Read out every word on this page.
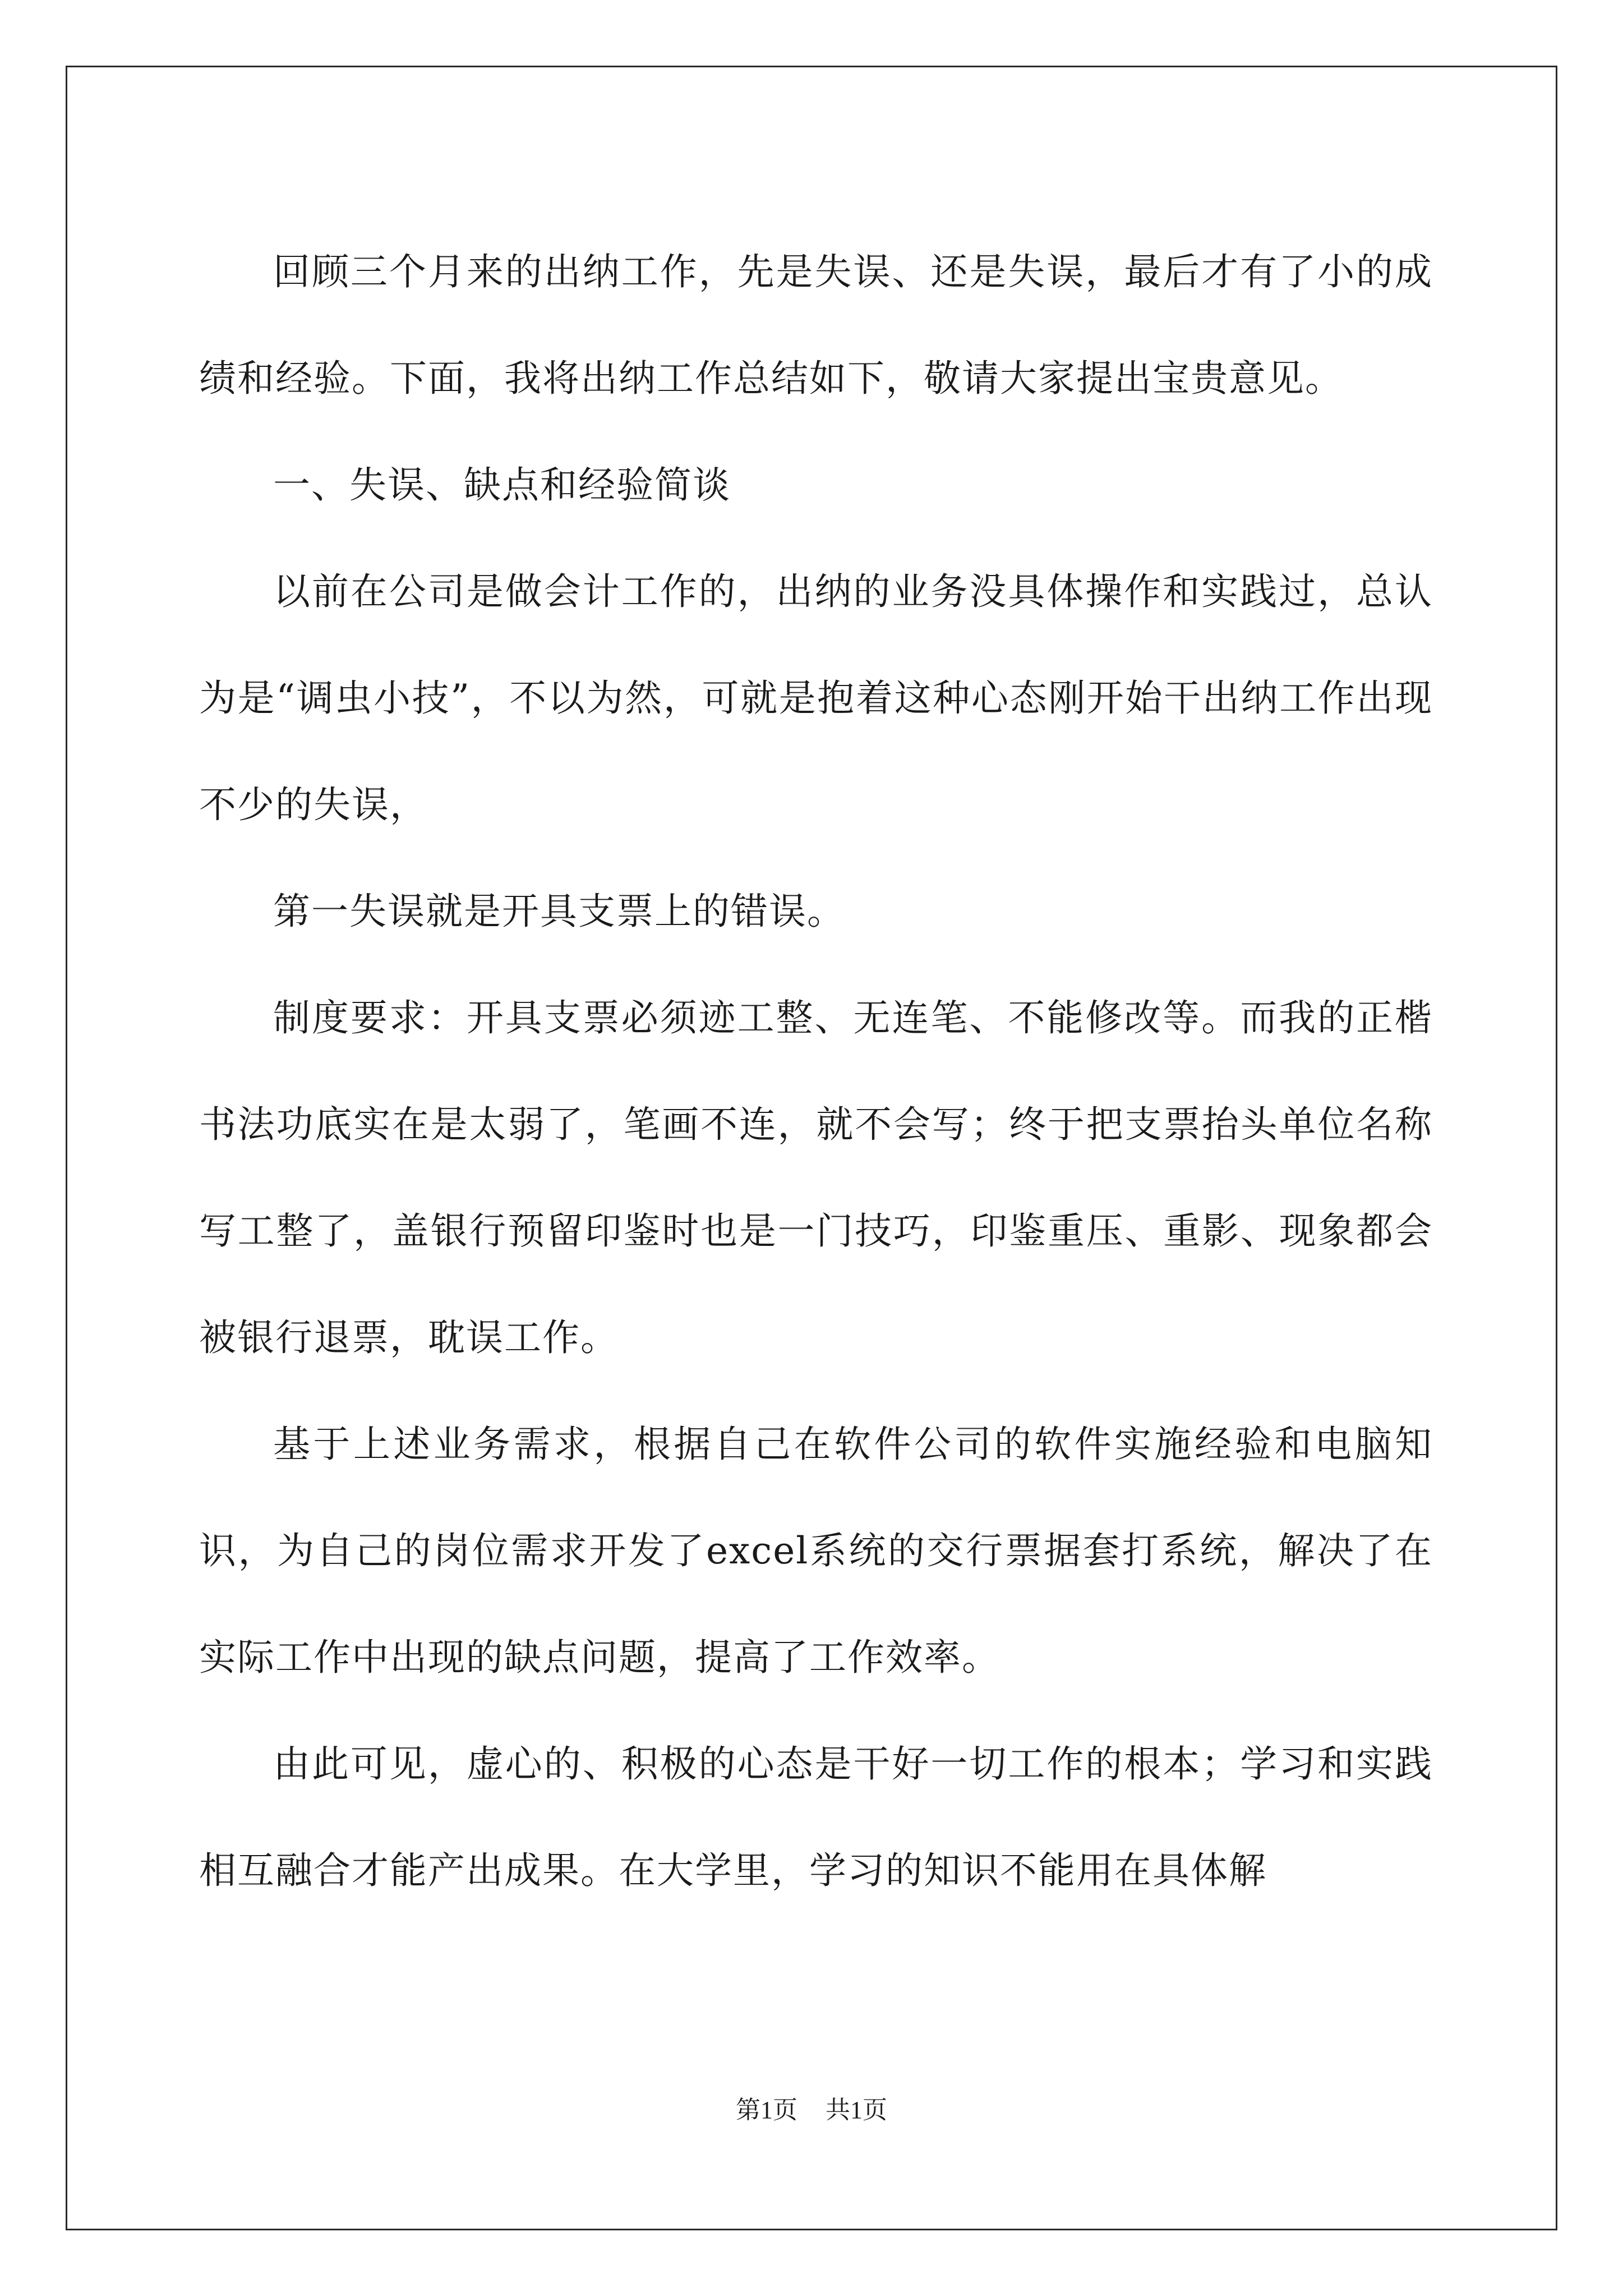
回顾三个月来的出纳工作，先是失误、还是失误，最后才有了小的成绩和经验。下面，我将出纳工作总结如下，敬请大家提出宝贵意见。

一、失误、缺点和经验简谈

以前在公司是做会计工作的，出纳的业务没具体操作和实践过，总认为是“调虫小技”，不以为然，可就是抱着这种心态刚开始干出纳工作出现不少的失误，

第一失误就是开具支票上的错误。

制度要求：开具支票必须迹工整、无连笔、不能修改等。而我的正楷书法功底实在是太弱了，笔画不连，就不会写；终于把支票抬头单位名称写工整了，盖银行预留印鉴时也是一门技巧，印鉴重压、重影、现象都会被银行退票，耽误工作。

基于上述业务需求，根据自己在软件公司的软件实施经验和电脑知识，为自己的岗位需求开发了excel系统的交行票据套打系统，解决了在实际工作中出现的缺点问题，提高了工作效率。

由此可见，虚心的、积极的心态是干好一切工作的根本；学习和实践相互融合才能产出成果。在大学里，学习的知识不能用在具体解

第1页 共1页
